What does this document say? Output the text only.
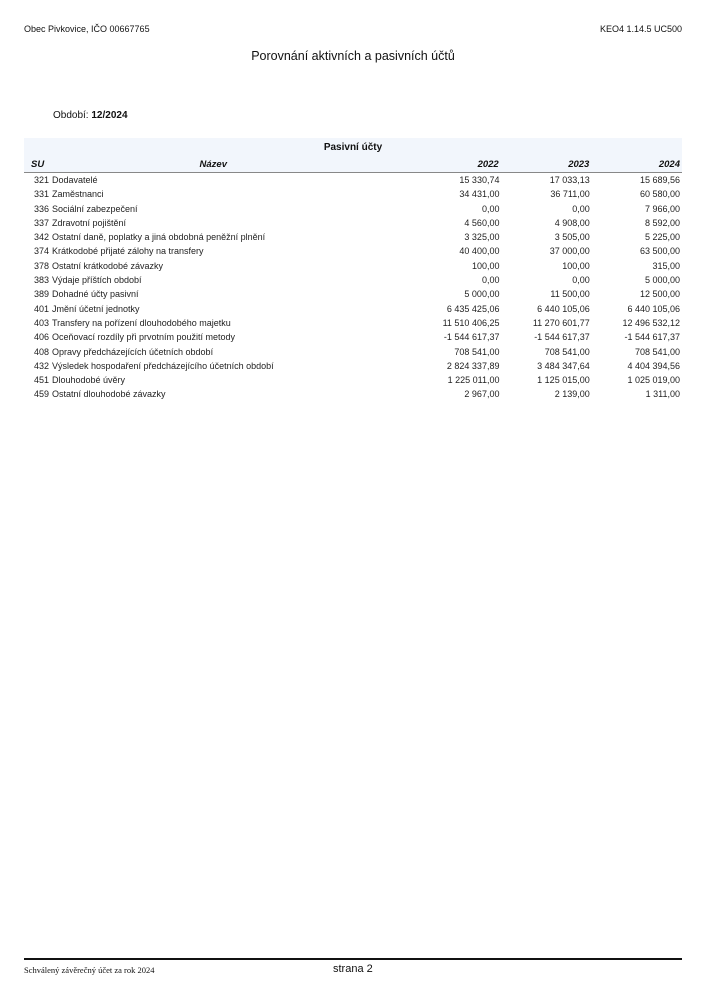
Obec Pivkovice, IČO 00667765	KEO4 1.14.5 UC500
Porovnání aktivních a pasivních účtů
Období: 12/2024
Pasivní účty
SU	Název	2022	2023	2024
321 Dodavatelé	15 330,74	17 033,13	15 689,56
331 Zaměstnanci	34 431,00	36 711,00	60 580,00
336 Sociální zabezpečení	0,00	0,00	7 966,00
337 Zdravotní pojištění	4 560,00	4 908,00	8 592,00
342 Ostatní daně, poplatky a jiná obdobná peněžní plnění	3 325,00	3 505,00	5 225,00
374 Krátkodobé přijaté zálohy na transfery	40 400,00	37 000,00	63 500,00
378 Ostatní krátkodobé závazky	100,00	100,00	315,00
383 Výdaje příštích období	0,00	0,00	5 000,00
389 Dohadné účty pasivní	5 000,00	11 500,00	12 500,00
401 Jmění účetní jednotky	6 435 425,06	6 440 105,06	6 440 105,06
403 Transfery na pořízení dlouhodobého majetku	11 510 406,25	11 270 601,77	12 496 532,12
406 Oceňovací rozdíly při prvotním použití metody	-1 544 617,37	-1 544 617,37	-1 544 617,37
408 Opravy předcházejících účetních období	708 541,00	708 541,00	708 541,00
432 Výsledek hospodaření předcházejícího účetních období	2 824 337,89	3 484 347,64	4 404 394,56
451 Dlouhodobé úvěry	1 225 011,00	1 125 015,00	1 025 019,00
459 Ostatní dlouhodobé závazky	2 967,00	2 139,00	1 311,00
Schválený závěrečný účet za rok 2024	strana 2
